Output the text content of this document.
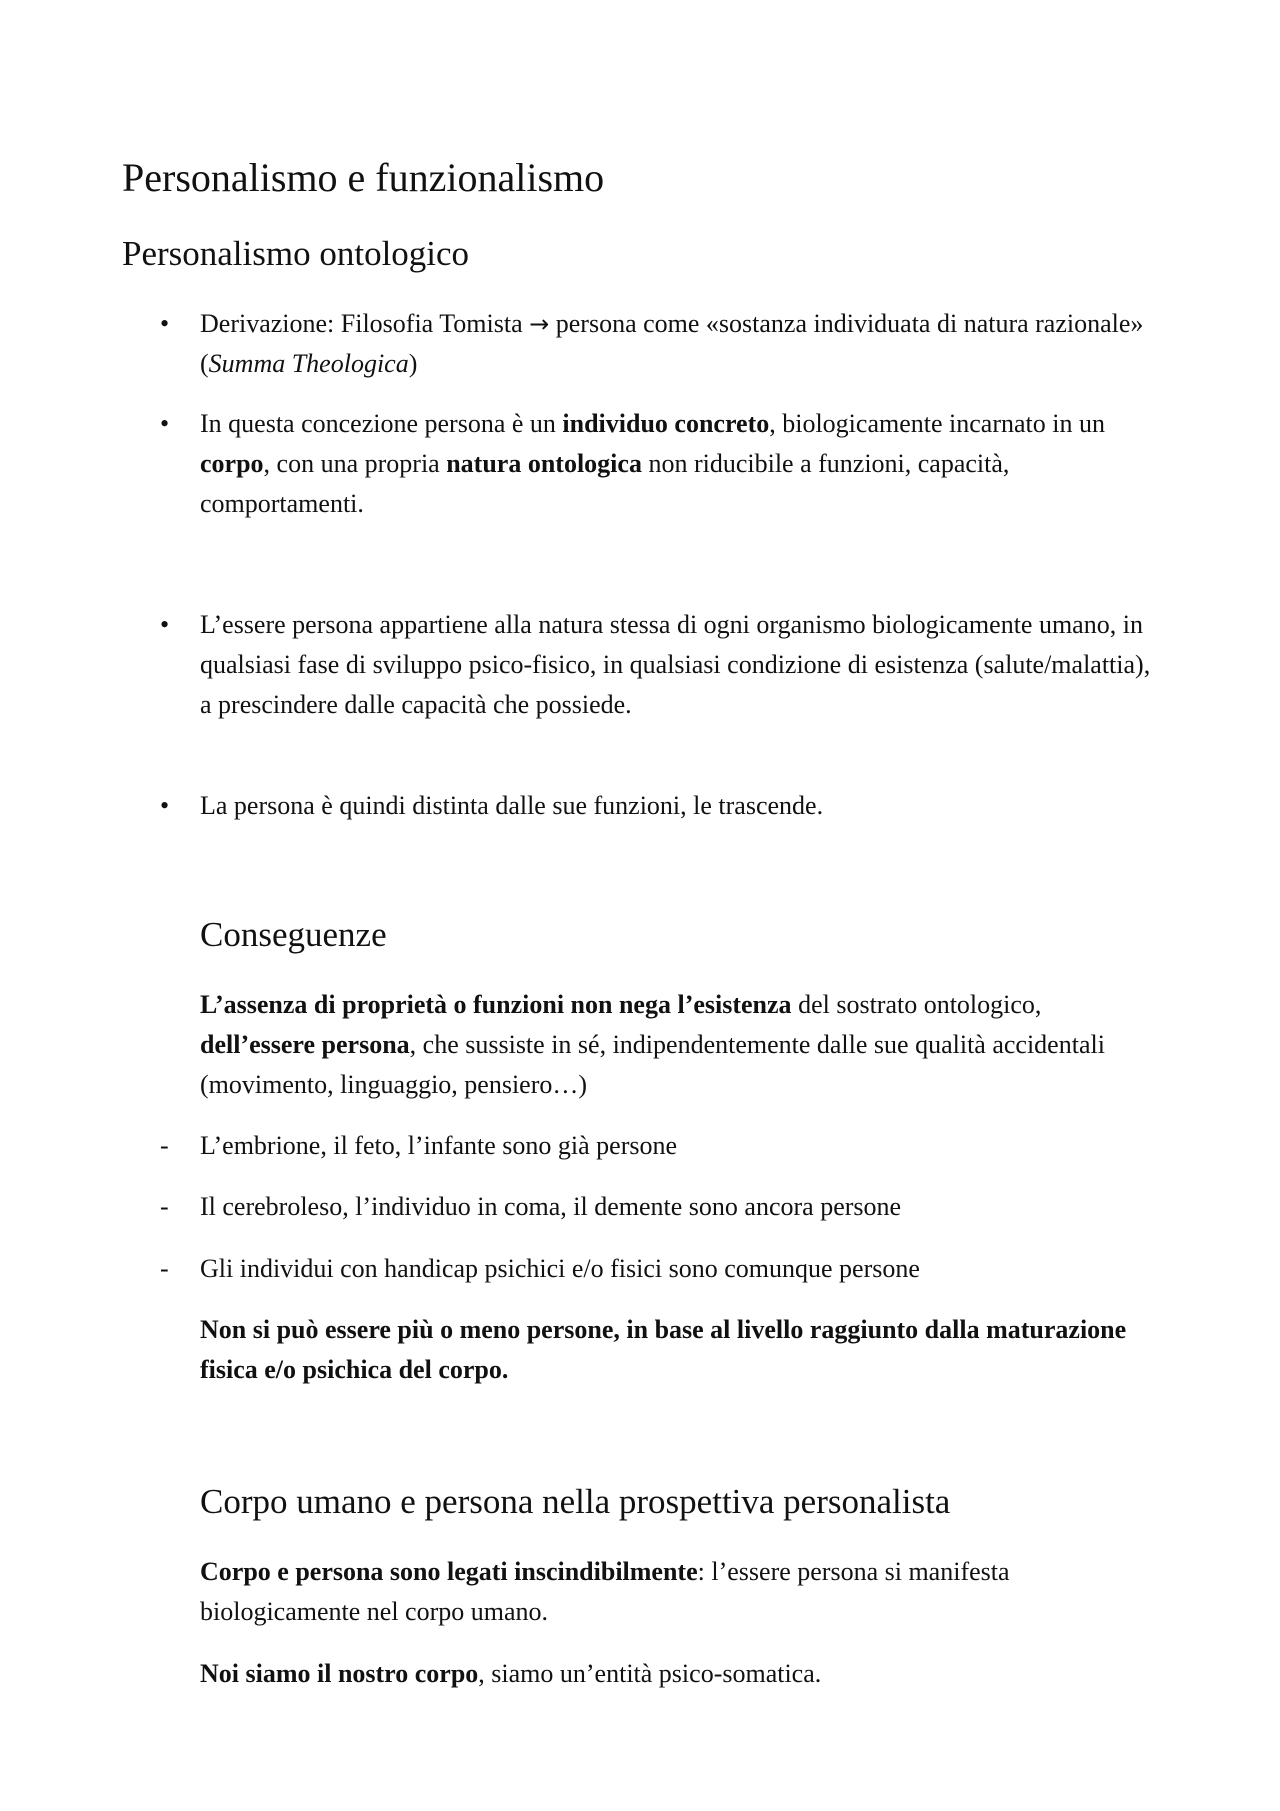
Personalismo e funzionalismo
Personalismo ontologico
• Derivazione: Filosofia Tomista → persona come «sostanza individuata di natura razionale» (Summa Theologica)
• In questa concezione persona è un individuo concreto, biologicamente incarnato in un corpo, con una propria natura ontologica non riducibile a funzioni, capacità, comportamenti.
• L’essere persona appartiene alla natura stessa di ogni organismo biologicamente umano, in qualsiasi fase di sviluppo psico-fisico, in qualsiasi condizione di esistenza (salute/malattia), a prescindere dalle capacità che possiede.
• La persona è quindi distinta dalle sue funzioni, le trascende.
Conseguenze
L’assenza di proprietà o funzioni non nega l’esistenza del sostrato ontologico, dell’essere persona, che sussiste in sé, indipendentemente dalle sue qualità accidentali (movimento, linguaggio, pensiero…)
- L’embrione, il feto, l’infante sono già persone
- Il cerebroleso, l’individuo in coma, il demente sono ancora persone
- Gli individui con handicap psichici e/o fisici sono comunque persone
Non si può essere più o meno persone, in base al livello raggiunto dalla maturazione fisica e/o psichica del corpo.
Corpo umano e persona nella prospettiva personalista
Corpo e persona sono legati inscindibilmente: l’essere persona si manifesta biologicamente nel corpo umano.
Noi siamo il nostro corpo, siamo un’entità psico-somatica.
